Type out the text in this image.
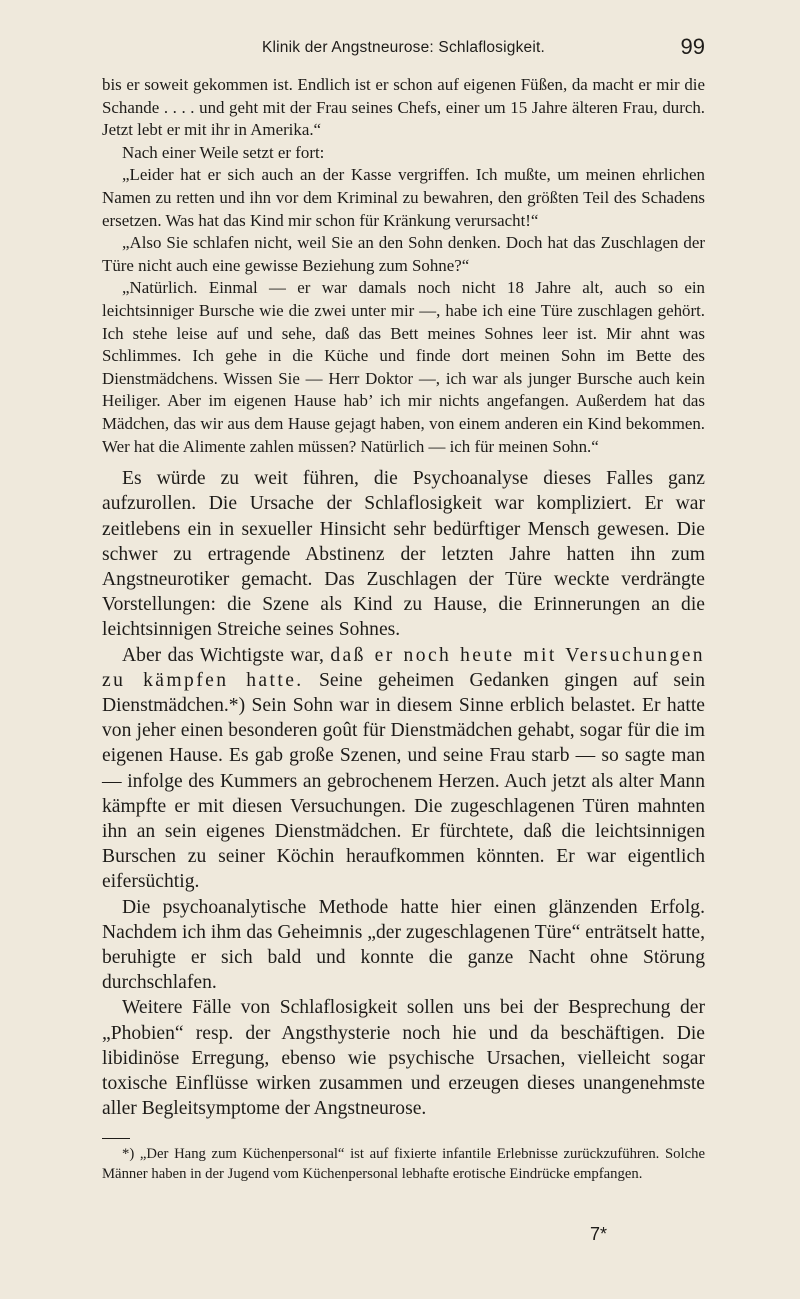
Klinik der Angstneurose: Schlaflosigkeit.	99

bis er soweit gekommen ist. Endlich ist er schon auf eigenen Füßen, da macht er mir die Schande . . . . und geht mit der Frau seines Chefs, einer um 15 Jahre älteren Frau, durch. Jetzt lebt er mit ihr in Amerika.“

Nach einer Weile setzt er fort:

„Leider hat er sich auch an der Kasse vergriffen. Ich mußte, um meinen ehrlichen Namen zu retten und ihn vor dem Kriminal zu bewahren, den größten Teil des Schadens ersetzen. Was hat das Kind mir schon für Kränkung verursacht!“

„Also Sie schlafen nicht, weil Sie an den Sohn denken. Doch hat das Zuschlagen der Türe nicht auch eine gewisse Beziehung zum Sohne?“

„Natürlich. Einmal — er war damals noch nicht 18 Jahre alt, auch so ein leichtsinniger Bursche wie die zwei unter mir —, habe ich eine Türe zuschlagen gehört. Ich stehe leise auf und sehe, daß das Bett meines Sohnes leer ist. Mir ahnt was Schlimmes. Ich gehe in die Küche und finde dort meinen Sohn im Bette des Dienstmädchens. Wissen Sie — Herr Doktor —, ich war als junger Bursche auch kein Heiliger. Aber im eigenen Hause hab’ ich mir nichts angefangen. Außerdem hat das Mädchen, das wir aus dem Hause gejagt haben, von einem anderen ein Kind bekommen. Wer hat die Alimente zahlen müssen? Natürlich — ich für meinen Sohn.“

Es würde zu weit führen, die Psychoanalyse dieses Falles ganz aufzurollen. Die Ursache der Schlaflosigkeit war kompliziert. Er war zeitlebens ein in sexueller Hinsicht sehr bedürftiger Mensch gewesen. Die schwer zu ertragende Abstinenz der letzten Jahre hatten ihn zum Angstneurotiker gemacht. Das Zuschlagen der Türe weckte verdrängte Vorstellungen: die Szene als Kind zu Hause, die Erinnerungen an die leichtsinnigen Streiche seines Sohnes.

Aber das Wichtigste war, daß er noch heute mit Versuchungen zu kämpfen hatte. Seine geheimen Gedanken gingen auf sein Dienstmädchen.*) Sein Sohn war in diesem Sinne erblich belastet. Er hatte von jeher einen besonderen goût für Dienstmädchen gehabt, sogar für die im eigenen Hause. Es gab große Szenen, und seine Frau starb — so sagte man — infolge des Kummers an gebrochenem Herzen. Auch jetzt als alter Mann kämpfte er mit diesen Versuchungen. Die zugeschlagenen Türen mahnten ihn an sein eigenes Dienstmädchen. Er fürchtete, daß die leichtsinnigen Burschen zu seiner Köchin heraufkommen könnten. Er war eigentlich eifersüchtig.

Die psychoanalytische Methode hatte hier einen glänzenden Erfolg. Nachdem ich ihm das Geheimnis „der zugeschlagenen Türe“ enträtselt hatte, beruhigte er sich bald und konnte die ganze Nacht ohne Störung durchschlafen.

Weitere Fälle von Schlaflosigkeit sollen uns bei der Besprechung der „Phobien“ resp. der Angsthysterie noch hie und da beschäftigen. Die libidinöse Erregung, ebenso wie psychische Ursachen, vielleicht sogar toxische Einflüsse wirken zusammen und erzeugen dieses unangenehmste aller Begleitsymptome der Angstneurose.

*) „Der Hang zum Küchenpersonal“ ist auf fixierte infantile Erlebnisse zurückzuführen. Solche Männer haben in der Jugend vom Küchenpersonal lebhafte erotische Eindrücke empfangen.

7*
